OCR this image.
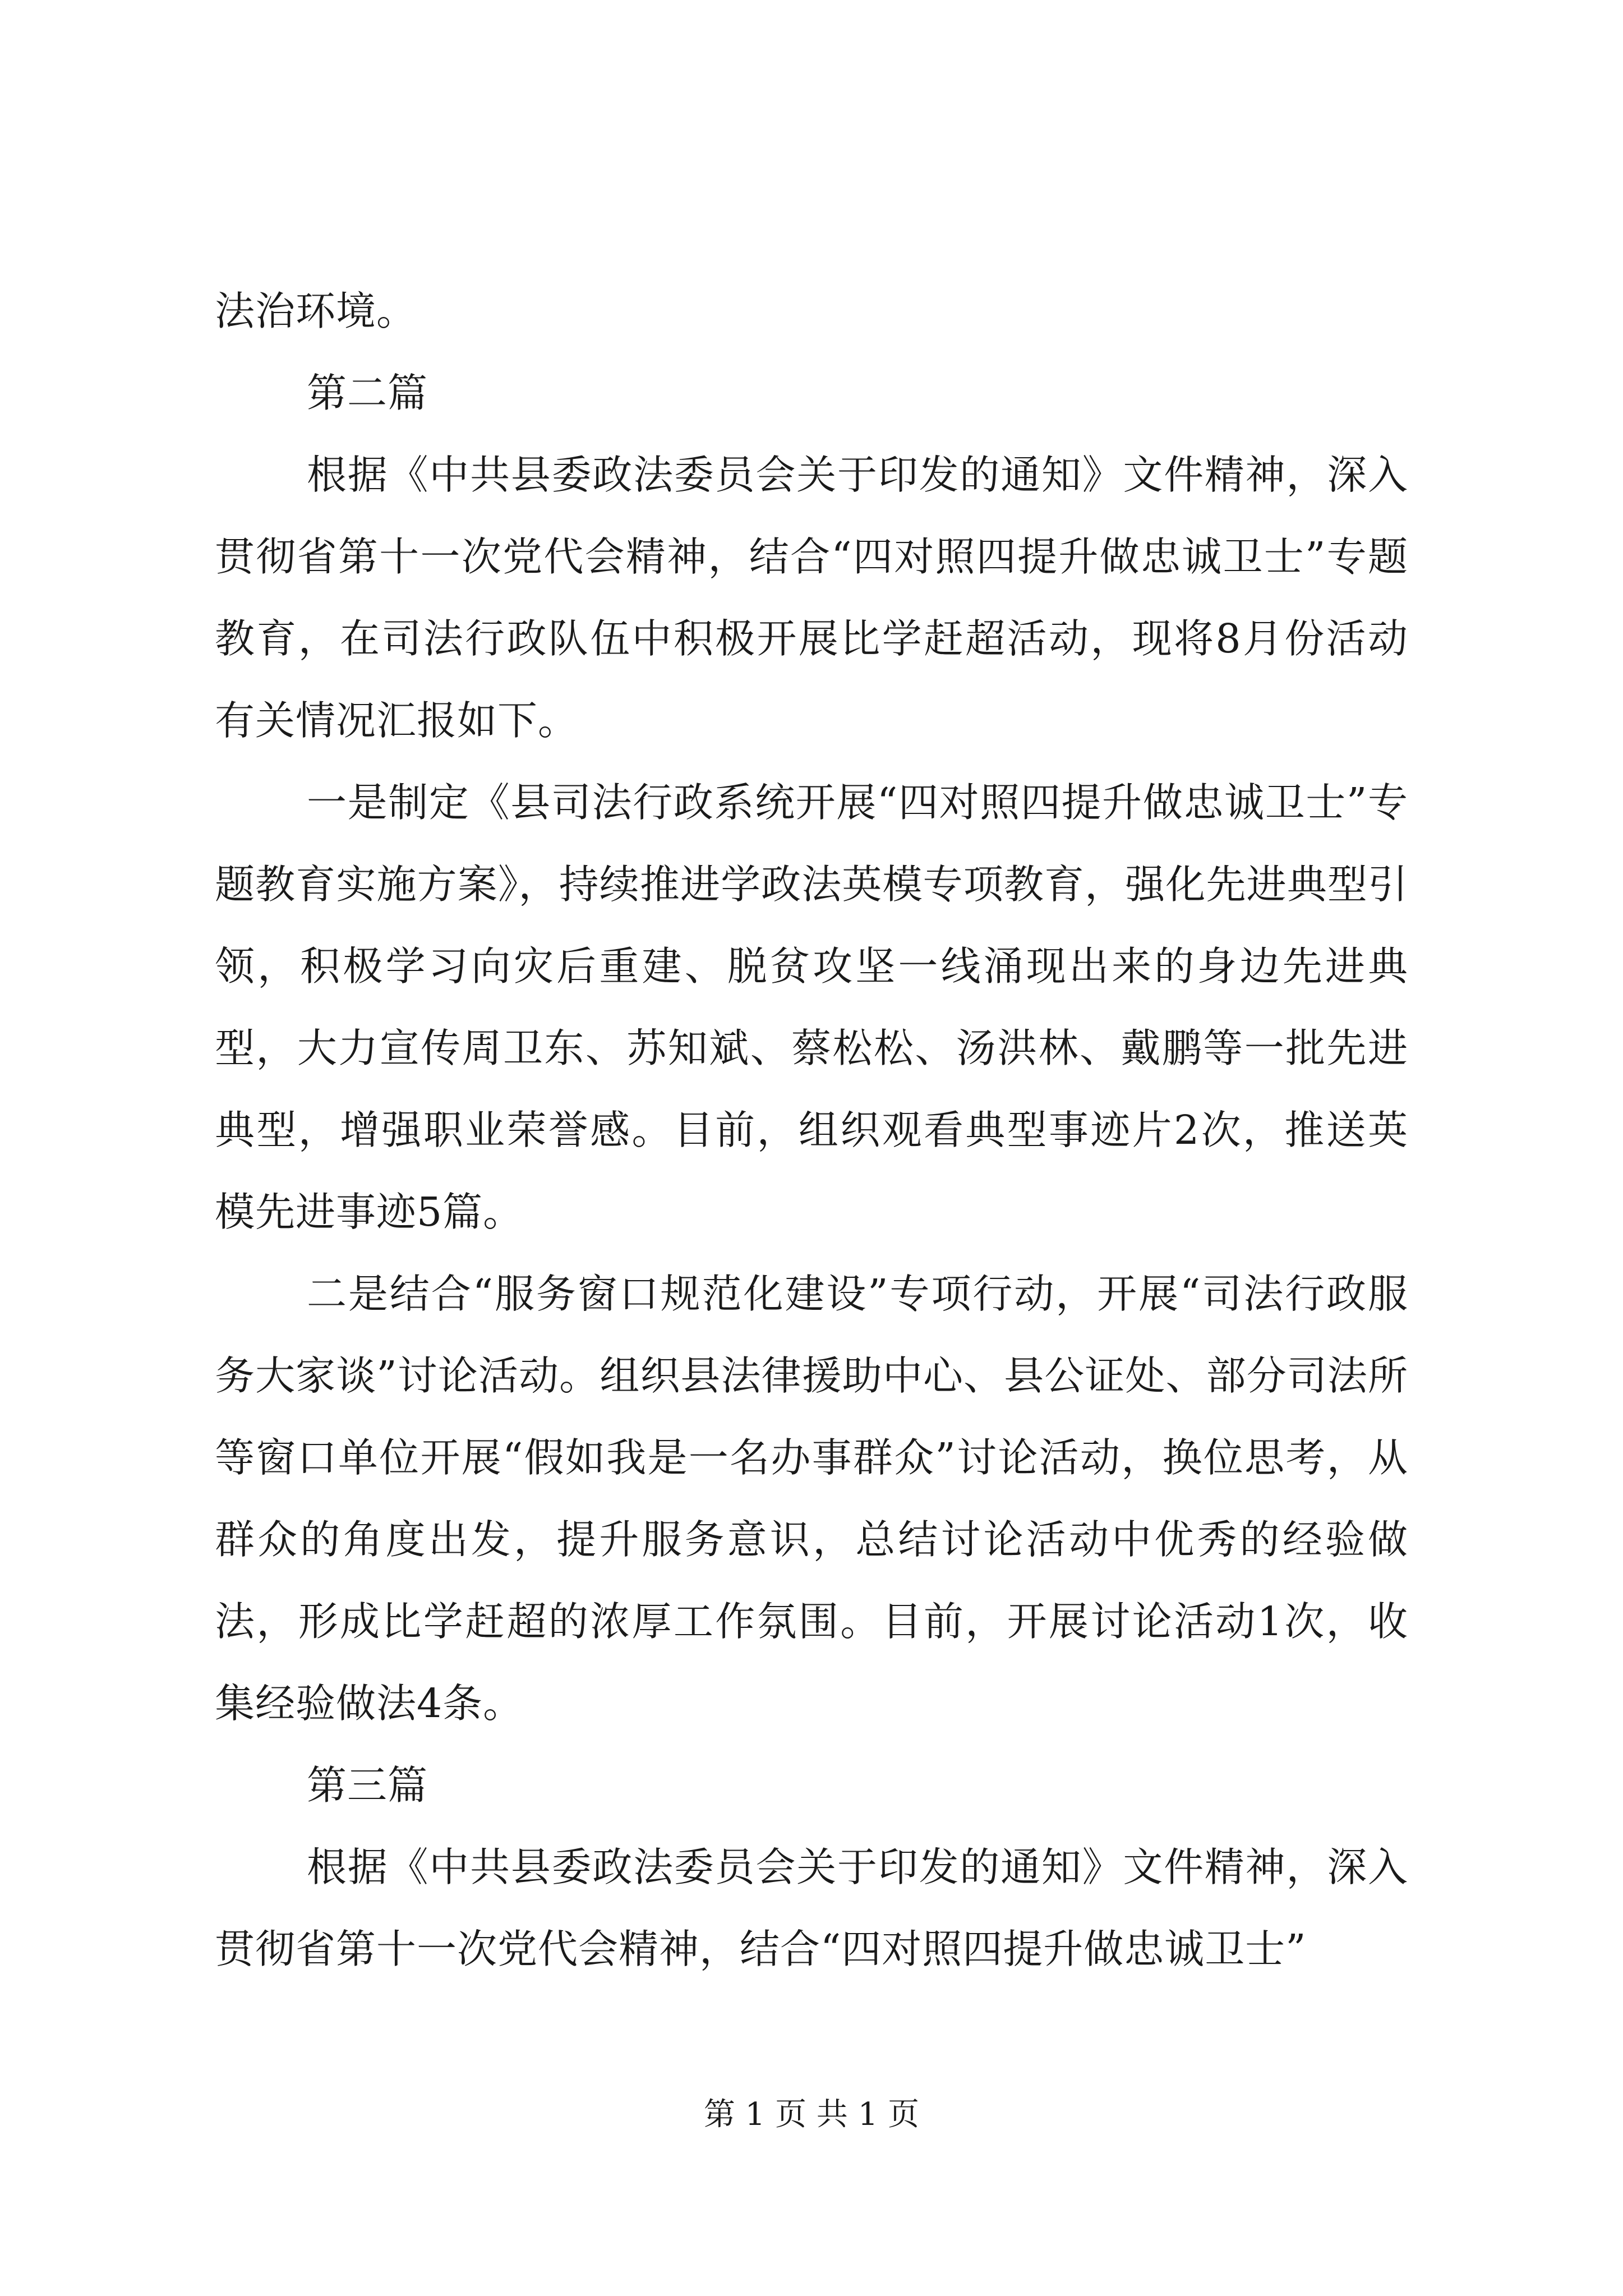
法治环境。

第二篇

根据《中共县委政法委员会关于印发的通知》文件精神，深入贯彻省第十一次党代会精神，结合“四对照四提升做忠诚卫士”专题教育，在司法行政队伍中积极开展比学赶超活动，现将8月份活动有关情况汇报如下。

一是制定《县司法行政系统开展“四对照四提升做忠诚卫士”专题教育实施方案》，持续推进学政法英模专项教育，强化先进典型引领，积极学习向灾后重建、脱贫攻坚一线涌现出来的身边先进典型，大力宣传周卫东、苏知斌、蔡松松、汤洪林、戴鹏等一批先进典型，增强职业荣誉感。目前，组织观看典型事迹片2次，推送英模先进事迹5篇。

二是结合“服务窗口规范化建设”专项行动，开展“司法行政服务大家谈”讨论活动。组织县法律援助中心、县公证处、部分司法所等窗口单位开展“假如我是一名办事群众”讨论活动，换位思考，从群众的角度出发，提升服务意识，总结讨论活动中优秀的经验做法，形成比学赶超的浓厚工作氛围。目前，开展讨论活动1次，收集经验做法4条。

第三篇

根据《中共县委政法委员会关于印发的通知》文件精神，深入贯彻省第十一次党代会精神，结合“四对照四提升做忠诚卫士”

第 1 页 共 1 页
